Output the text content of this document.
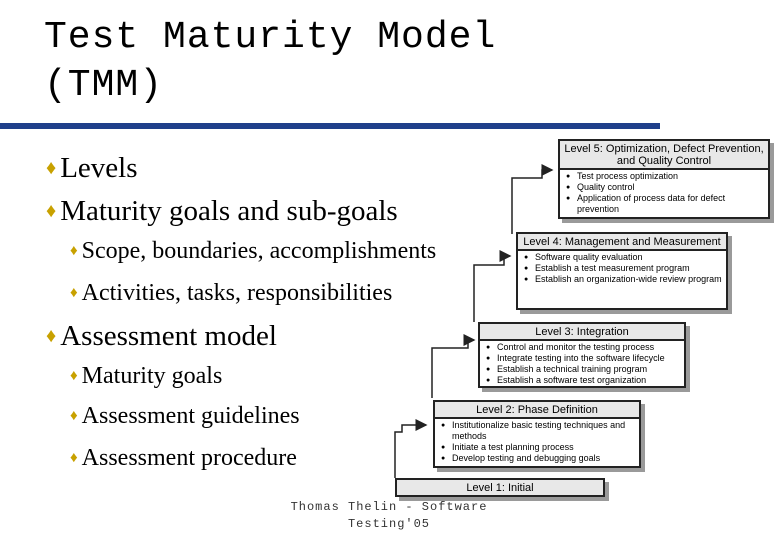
Test Maturity Model
(TMM)
♦ Levels
♦ Maturity goals and sub-goals
♦ Scope, boundaries, accomplishments
♦ Activities, tasks, responsibilities
♦ Assessment model
♦ Maturity goals
♦ Assessment guidelines
♦ Assessment procedure
Level 5: Optimization, Defect Prevention, and Quality Control
● Test process optimization
● Quality control
● Application of process data for defect prevention
Level 4: Management and Measurement
● Software quality evaluation
● Establish a test measurement program
● Establish an organization-wide review program
Level 3: Integration
● Control and monitor the testing process
● Integrate testing into the software lifecycle
● Establish a technical training program
● Establish a software test organization
Level 2: Phase Definition
● Institutionalize basic testing techniques and methods
● Initiate a test planning process
● Develop testing and debugging goals
Level 1: Initial
Thomas Thelin - Software
Testing'05
